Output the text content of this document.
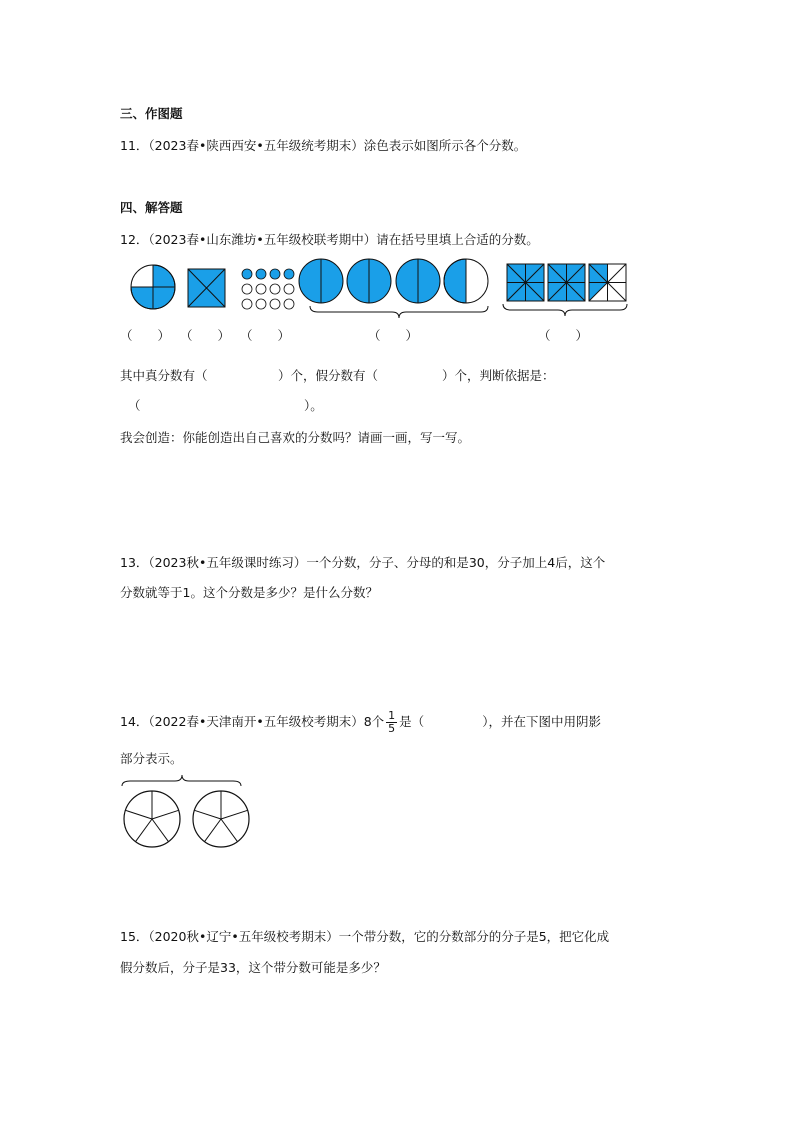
三、作图题
11．（2023春•陕西西安•五年级统考期末）涂色表示如图所示各个分数。
四、解答题
12．（2023春•山东潍坊•五年级校联考期中）请在括号里填上合适的分数。
（　　） （　　） （　　）	（　　）	（　　）
其中真分数有（	）个，假分数有（	）个，判断依据是：
（	）。
我会创造：你能创造出自己喜欢的分数吗？请画一画，写一写。
13．（2023秋•五年级课时练习）一个分数，分子、分母的和是30，分子加上4后，这个
分数就等于1。这个分数是多少？是什么分数？
14．（2022春•天津南开•五年级校考期末）8个 $\frac{1}{5}$ 是（	），并在下图中用阴影
部分表示。
15．（2020秋•辽宁•五年级校考期末）一个带分数，它的分数部分的分子是5，把它化成
假分数后，分子是33，这个带分数可能是多少？
